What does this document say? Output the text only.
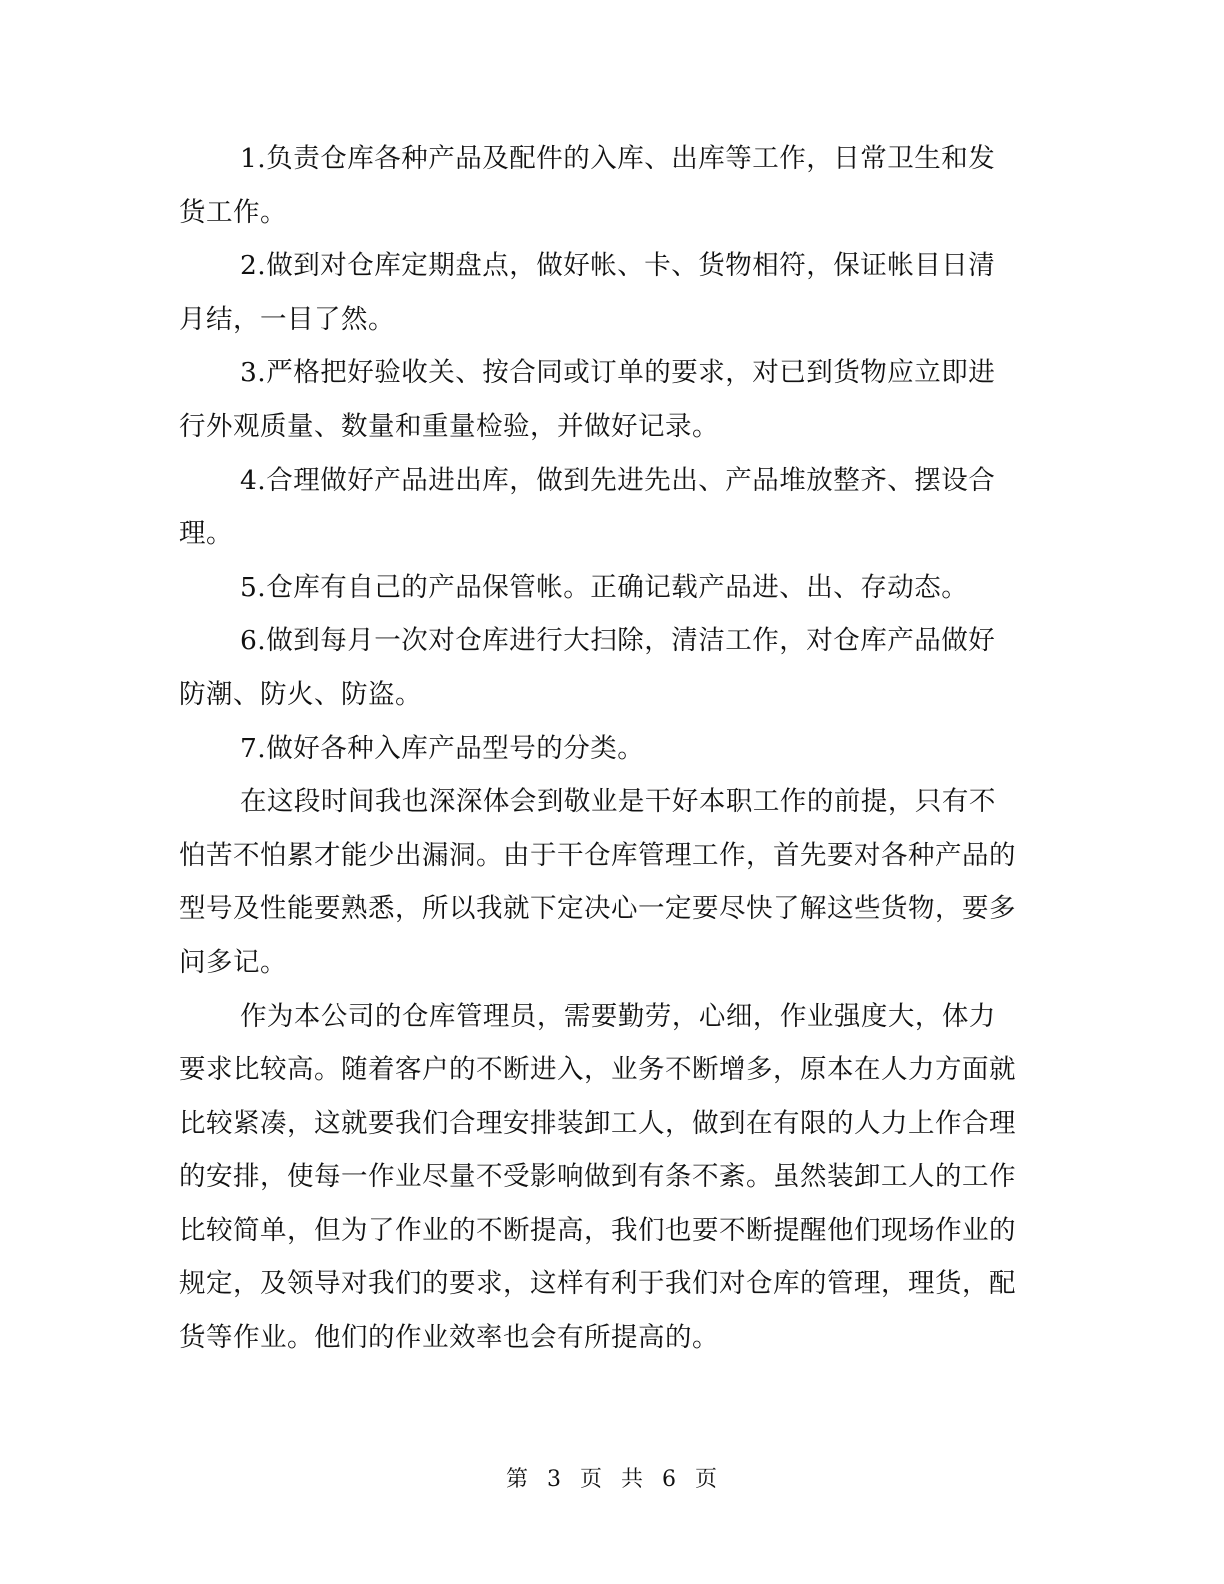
1.负责仓库各种产品及配件的入库、出库等工作，日常卫生和发货工作。

2.做到对仓库定期盘点，做好帐、卡、货物相符，保证帐目日清月结，一目了然。

3.严格把好验收关、按合同或订单的要求，对已到货物应立即进行外观质量、数量和重量检验，并做好记录。

4.合理做好产品进出库，做到先进先出、产品堆放整齐、摆设合理。

5.仓库有自己的产品保管帐。正确记载产品进、出、存动态。

6.做到每月一次对仓库进行大扫除，清洁工作，对仓库产品做好防潮、防火、防盗。

7.做好各种入库产品型号的分类。

在这段时间我也深深体会到敬业是干好本职工作的前提，只有不怕苦不怕累才能少出漏洞。由于干仓库管理工作，首先要对各种产品的型号及性能要熟悉，所以我就下定决心一定要尽快了解这些货物，要多问多记。

作为本公司的仓库管理员，需要勤劳，心细，作业强度大，体力要求比较高。随着客户的不断进入，业务不断增多，原本在人力方面就比较紧凑，这就要我们合理安排装卸工人，做到在有限的人力上作合理的安排，使每一作业尽量不受影响做到有条不紊。虽然装卸工人的工作比较简单，但为了作业的不断提高，我们也要不断提醒他们现场作业的规定，及领导对我们的要求，这样有利于我们对仓库的管理，理货，配货等作业。他们的作业效率也会有所提高的。

第 3 页 共 6 页
